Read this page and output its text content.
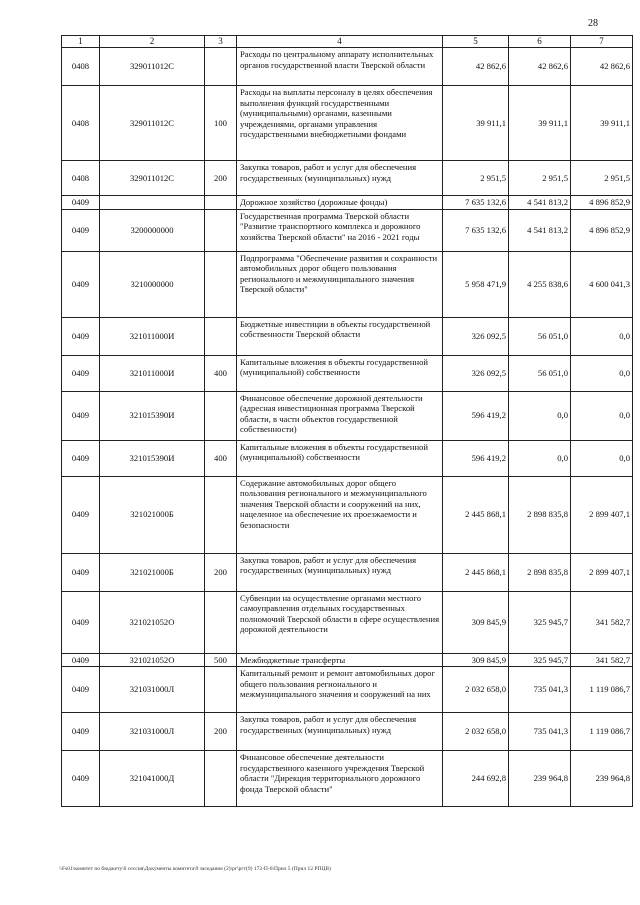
28
1	2	3	4	5	6	7
0408	329011012С		Расходы по центральному аппарату исполнительных органов государственной власти Тверской области	42 862,6	42 862,6	42 862,6
0408	329011012С	100	Расходы на выплаты персоналу в целях обеспечения выполнения функций государственными (муниципальными) органами, казенными учреждениями, органами управления государственными внебюджетными фондами	39 911,1	39 911,1	39 911,1
0408	329011012С	200	Закупка товаров, работ и услуг для обеспечения государственных (муниципальных) нужд	2 951,5	2 951,5	2 951,5
0409			Дорожное хозяйство (дорожные фонды)	7 635 132,6	4 541 813,2	4 896 852,9
0409	3200000000		Государственная программа Тверской области "Развитие транспортного комплекса и дорожного хозяйства Тверской области" на 2016 - 2021 годы	7 635 132,6	4 541 813,2	4 896 852,9
0409	3210000000		Подпрограмма "Обеспечение развития и сохранности автомобильных дорог общего пользования регионального и межмуниципального значения Тверской области"	5 958 471,9	4 255 838,6	4 600 041,3
0409	321011000И		Бюджетные инвестиции в объекты государственной собственности Тверской области	326 092,5	56 051,0	0,0
0409	321011000И	400	Капитальные вложения в объекты государственной (муниципальной) собственности	326 092,5	56 051,0	0,0
0409	321015390И		Финансовое обеспечение дорожной деятельности (адресная инвестиционная программа Тверской области, в части объектов государственной собственности)	596 419,2	0,0	0,0
0409	321015390И	400	Капитальные вложения в объекты государственной (муниципальной) собственности	596 419,2	0,0	0,0
0409	321021000Б		Содержание автомобильных дорог общего пользования регионального и межмуниципального значения Тверской области и сооружений на них, нацеленное на обеспечение их проезжаемости и безопасности	2 445 868,1	2 898 835,8	2 899 407,1
0409	321021000Б	200	Закупка товаров, работ и услуг для обеспечения государственных (муниципальных) нужд	2 445 868,1	2 898 835,8	2 899 407,1
0409	321021052О		Субвенции на осуществление органами местного самоуправления отдельных государственных полномочий Тверской области в сфере осуществления дорожной деятельности	309 845,9	325 945,7	341 582,7
0409	321021052О	500	Межбюджетные трансферты	309 845,9	325 945,7	341 582,7
0409	321031000Л		Капитальный ремонт и ремонт автомобильных дорог общего пользования регионального и межмуниципального значения и сооружений на них	2 032 658,0	735 041,3	1 119 086,7
0409	321031000Л	200	Закупка товаров, работ и услуг для обеспечения государственных (муниципальных) нужд	2 032 658,0	735 041,3	1 119 086,7
0409	321041000Д		Финансовое обеспечение деятельности государственного казенного учреждения Тверской области "Дирекция территориального дорожного фонда Тверской области"	244 692,8	239 964,8	239 964,8
\\Fs01\комитет по бюджету\6 сессия\Документы комитета\9 заседание (2)\рг\ргт(9) 172-П-6\Прил 5 (Прил 12 РПЦВ)
